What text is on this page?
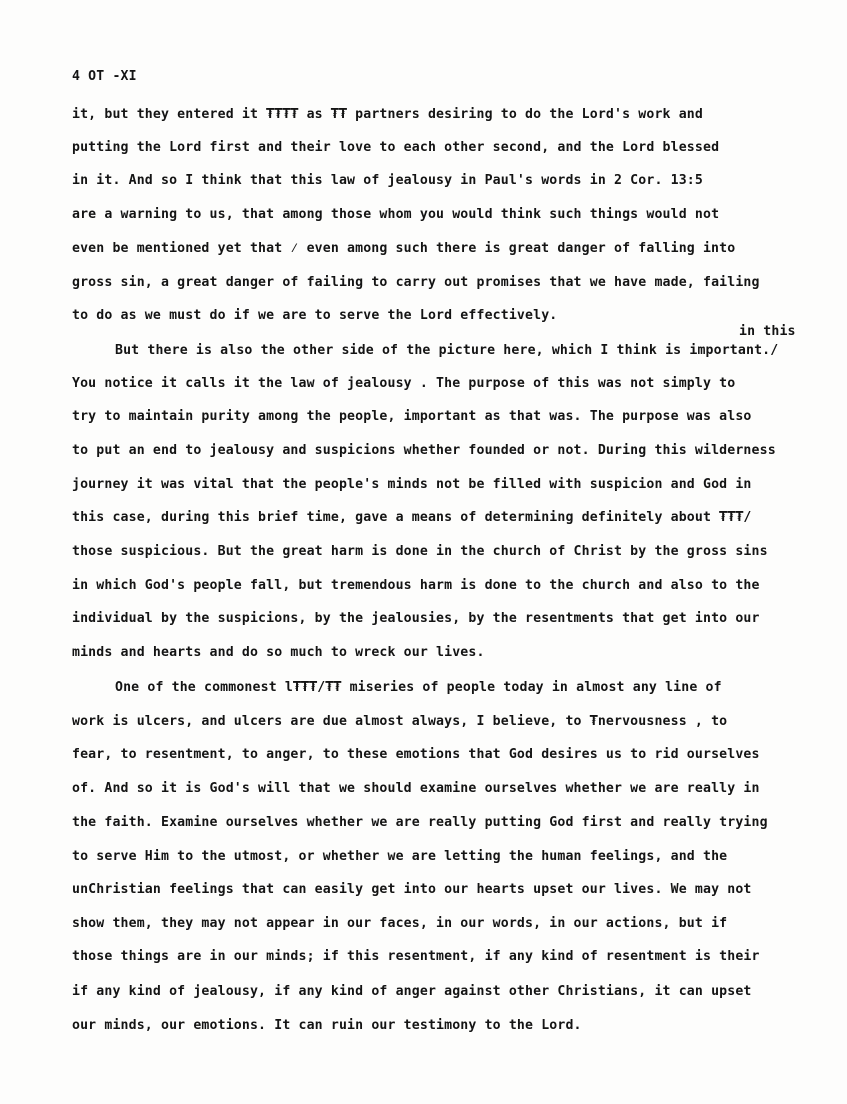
4 OT -XI
it, but they entered it ₮₮₮₮ as ₮₮ partners desiring to do the Lord's work and
putting the Lord first and their love to each other second, and the Lord blessed
in it. And so I think that this law of jealousy in Paul's words in 2 Cor. 13:5
are a warning to us, that among those whom you would think such things would not
even be mentioned yet that ⁄ even among such there is great danger of falling into
gross sin, a great danger of failing to carry out promises that we have made, failing
to do as we must do if we are to serve the Lord effectively.
in this
But there is also the other side of the picture here, which I think is important./
You notice it calls it the law of jealousy . The purpose of this was not simply to
try to maintain purity among the people, important as that was. The purpose was also
to put an end to jealousy and suspicions whether founded or not. During this wilderness
journey it was vital that the people's minds not be filled with suspicion and God in
this case, during this brief time, gave a means of determining definitely about ₮₮₮/
those suspicious. But the great harm is done in the church of Christ by the gross sins
in which God's people fall, but tremendous harm is done to the church and also to the
individual by the suspicions, by the jealousies, by the resentments that get into our
minds and hearts and do so much to wreck our lives.
One of the commonest l₮₮₮/₮₮ miseries of people today in almost any line of
work is ulcers, and ulcers are due almost always, I believe, to ₮nervousness , to
fear, to resentment, to anger, to these emotions that God desires us to rid ourselves
of. And so it is God's will that we should examine ourselves whether we are really in
the faith. Examine ourselves whether we are really putting God first and really trying
to serve Him to the utmost, or whether we are letting the human feelings, and the
unChristian feelings that can easily get into our hearts upset our lives. We may not
show them, they may not appear in our faces, in our words, in our actions, but if
those things are in our minds; if this resentment, if any kind of resentment is their
if any kind of jealousy, if any kind of anger against other Christians, it can upset
our minds, our emotions. It can ruin our testimony to the Lord.
